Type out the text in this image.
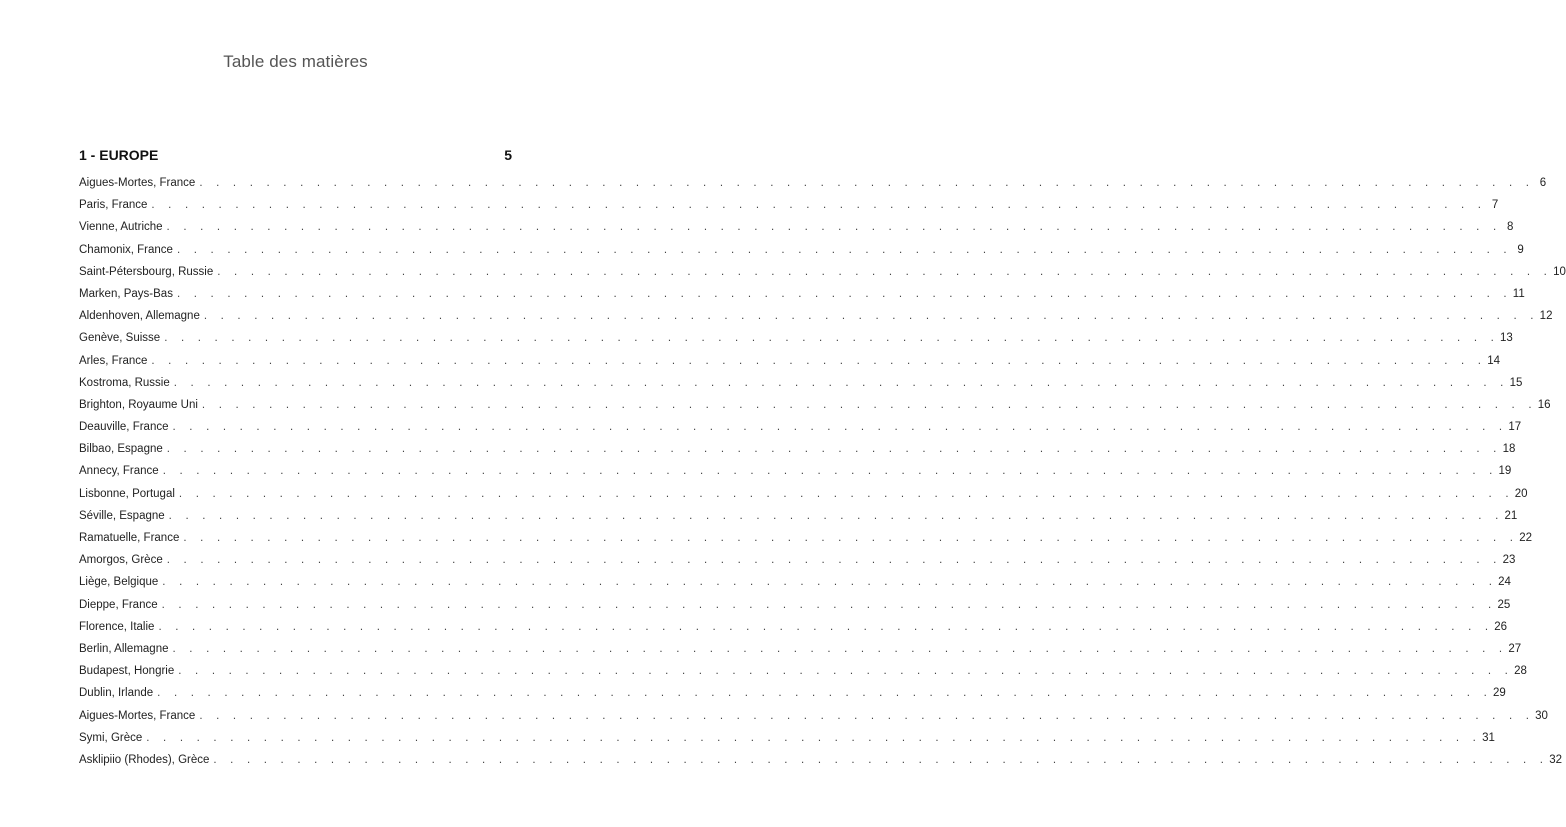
Table des matières
1 - EUROPE	5
Aigues-Mortes, France . . . . . . . . . . . . . . . . . . . . . . . . . . . . . . . . . . . . . . . . . . . . . . . . . . . . . . . . . . . . . . . . . . . . . . . . . . . . . . . . 6
Paris, France . . . . . . . . . . . . . . . . . . . . . . . . . . . . . . . . . . . . . . . . . . . . . . . . . . . . . . . . . . . . . . . . . . . . . . . . . . . . . . . . 7
Vienne, Autriche . . . . . . . . . . . . . . . . . . . . . . . . . . . . . . . . . . . . . . . . . . . . . . . . . . . . . . . . . . . . . . . . . . . . . . . . . . . . . . . . 8
Chamonix, France . . . . . . . . . . . . . . . . . . . . . . . . . . . . . . . . . . . . . . . . . . . . . . . . . . . . . . . . . . . . . . . . . . . . . . . . . . . . . . . . 9
Saint-Pétersbourg, Russie . . . . . . . . . . . . . . . . . . . . . . . . . . . . . . . . . . . . . . . . . . . . . . . . . . . . . . . . . . . . . . . . . . . . . . . . . . . . . . . . 10
Marken, Pays-Bas . . . . . . . . . . . . . . . . . . . . . . . . . . . . . . . . . . . . . . . . . . . . . . . . . . . . . . . . . . . . . . . . . . . . . . . . . . . . . . . . 11
Aldenhoven, Allemagne . . . . . . . . . . . . . . . . . . . . . . . . . . . . . . . . . . . . . . . . . . . . . . . . . . . . . . . . . . . . . . . . . . . . . . . . . . . . . . . . 12
Genève, Suisse . . . . . . . . . . . . . . . . . . . . . . . . . . . . . . . . . . . . . . . . . . . . . . . . . . . . . . . . . . . . . . . . . . . . . . . . . . . . . . . . 13
Arles, France . . . . . . . . . . . . . . . . . . . . . . . . . . . . . . . . . . . . . . . . . . . . . . . . . . . . . . . . . . . . . . . . . . . . . . . . . . . . . . . . 14
Kostroma, Russie . . . . . . . . . . . . . . . . . . . . . . . . . . . . . . . . . . . . . . . . . . . . . . . . . . . . . . . . . . . . . . . . . . . . . . . . . . . . . . . . 15
Brighton, Royaume Uni . . . . . . . . . . . . . . . . . . . . . . . . . . . . . . . . . . . . . . . . . . . . . . . . . . . . . . . . . . . . . . . . . . . . . . . . . . . . . . . . 16
Deauville, France . . . . . . . . . . . . . . . . . . . . . . . . . . . . . . . . . . . . . . . . . . . . . . . . . . . . . . . . . . . . . . . . . . . . . . . . . . . . . . . . 17
Bilbao, Espagne . . . . . . . . . . . . . . . . . . . . . . . . . . . . . . . . . . . . . . . . . . . . . . . . . . . . . . . . . . . . . . . . . . . . . . . . . . . . . . . . 18
Annecy, France . . . . . . . . . . . . . . . . . . . . . . . . . . . . . . . . . . . . . . . . . . . . . . . . . . . . . . . . . . . . . . . . . . . . . . . . . . . . . . . . 19
Lisbonne, Portugal . . . . . . . . . . . . . . . . . . . . . . . . . . . . . . . . . . . . . . . . . . . . . . . . . . . . . . . . . . . . . . . . . . . . . . . . . . . . . . . . 20
Séville, Espagne . . . . . . . . . . . . . . . . . . . . . . . . . . . . . . . . . . . . . . . . . . . . . . . . . . . . . . . . . . . . . . . . . . . . . . . . . . . . . . . . 21
Ramatuelle, France . . . . . . . . . . . . . . . . . . . . . . . . . . . . . . . . . . . . . . . . . . . . . . . . . . . . . . . . . . . . . . . . . . . . . . . . . . . . . . . . 22
Amorgos, Grèce . . . . . . . . . . . . . . . . . . . . . . . . . . . . . . . . . . . . . . . . . . . . . . . . . . . . . . . . . . . . . . . . . . . . . . . . . . . . . . . . 23
Liège, Belgique . . . . . . . . . . . . . . . . . . . . . . . . . . . . . . . . . . . . . . . . . . . . . . . . . . . . . . . . . . . . . . . . . . . . . . . . . . . . . . . . 24
Dieppe, France . . . . . . . . . . . . . . . . . . . . . . . . . . . . . . . . . . . . . . . . . . . . . . . . . . . . . . . . . . . . . . . . . . . . . . . . . . . . . . . . 25
Florence, Italie . . . . . . . . . . . . . . . . . . . . . . . . . . . . . . . . . . . . . . . . . . . . . . . . . . . . . . . . . . . . . . . . . . . . . . . . . . . . . . . . 26
Berlin, Allemagne . . . . . . . . . . . . . . . . . . . . . . . . . . . . . . . . . . . . . . . . . . . . . . . . . . . . . . . . . . . . . . . . . . . . . . . . . . . . . . . . 27
Budapest, Hongrie . . . . . . . . . . . . . . . . . . . . . . . . . . . . . . . . . . . . . . . . . . . . . . . . . . . . . . . . . . . . . . . . . . . . . . . . . . . . . . . . 28
Dublin, Irlande . . . . . . . . . . . . . . . . . . . . . . . . . . . . . . . . . . . . . . . . . . . . . . . . . . . . . . . . . . . . . . . . . . . . . . . . . . . . . . . . 29
Aigues-Mortes, France . . . . . . . . . . . . . . . . . . . . . . . . . . . . . . . . . . . . . . . . . . . . . . . . . . . . . . . . . . . . . . . . . . . . . . . . . . . . . . . . 30
Symi, Grèce . . . . . . . . . . . . . . . . . . . . . . . . . . . . . . . . . . . . . . . . . . . . . . . . . . . . . . . . . . . . . . . . . . . . . . . . . . . . . . . . 31
Asklipiio (Rhodes), Grèce . . . . . . . . . . . . . . . . . . . . . . . . . . . . . . . . . . . . . . . . . . . . . . . . . . . . . . . . . . . . . . . . . . . . . . . . . . . . . . . . 32
